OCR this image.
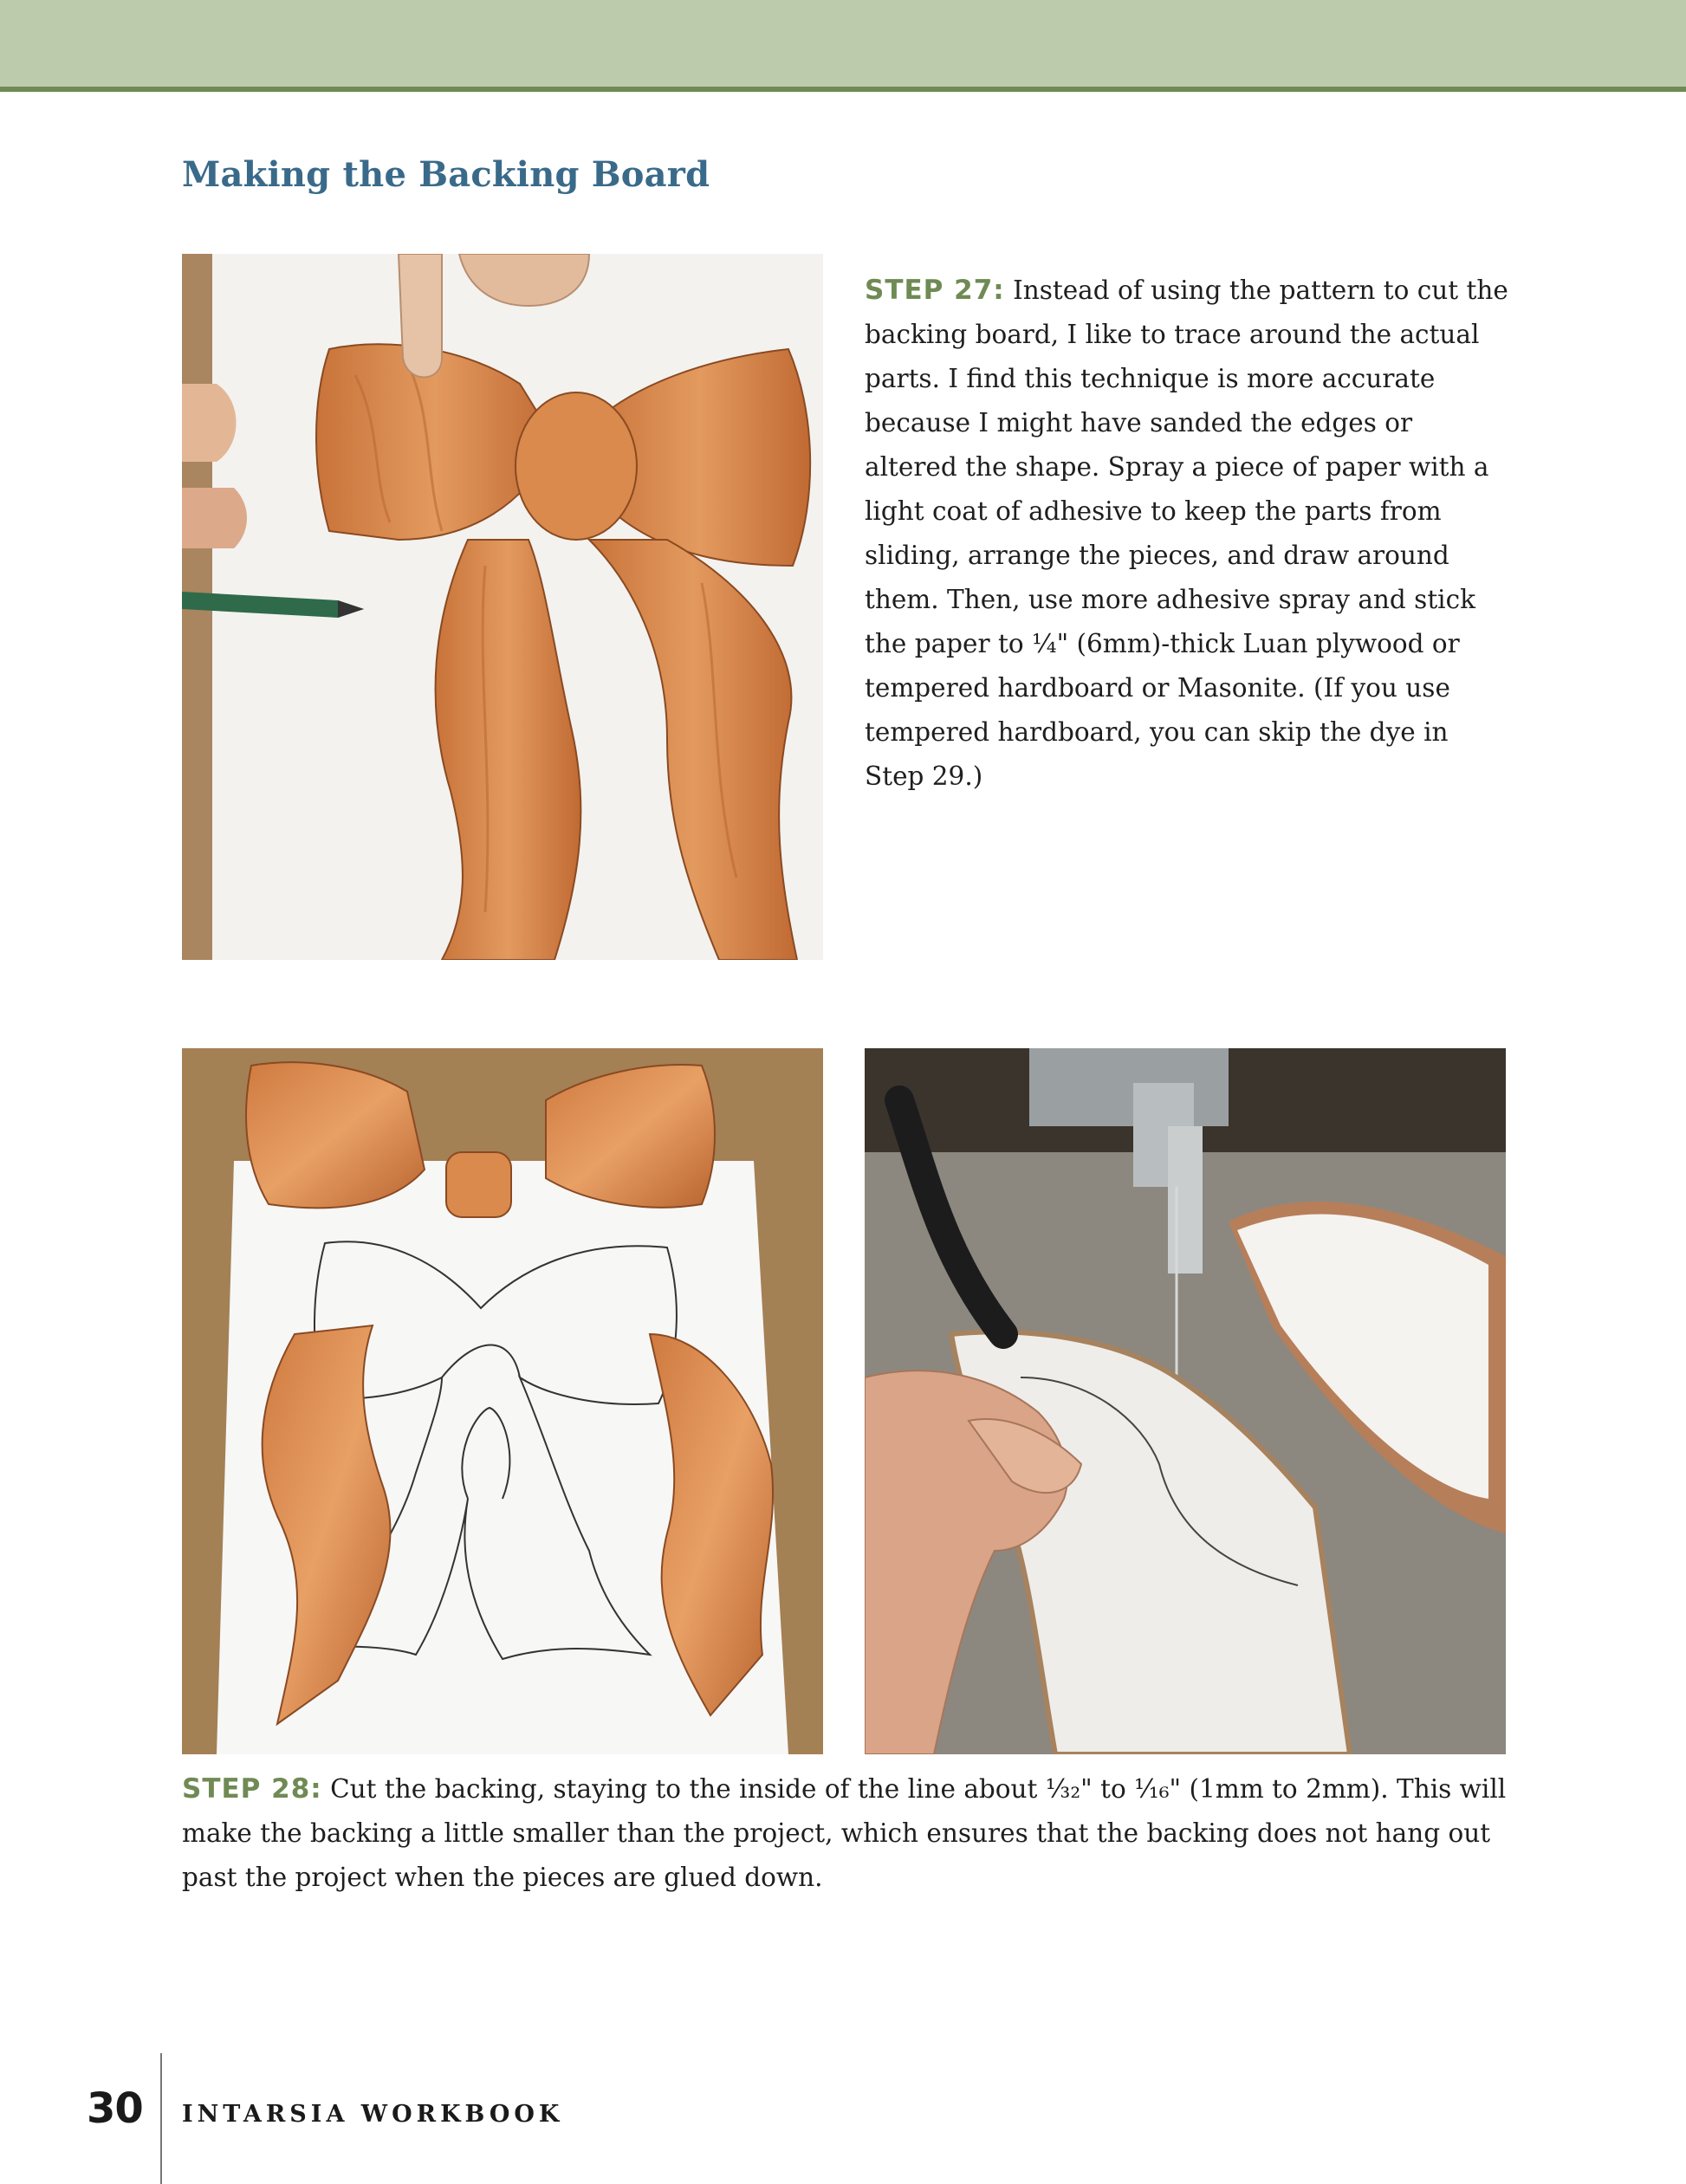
Making the Backing Board
STEP 27: Instead of using the pattern to cut the backing board, I like to trace around the actual parts. I find this technique is more accurate because I might have sanded the edges or altered the shape. Spray a piece of paper with a light coat of adhesive to keep the parts from sliding, arrange the pieces, and draw around them. Then, use more adhesive spray and stick the paper to ¼" (6mm)-thick Luan plywood or tempered hardboard or Masonite. (If you use tempered hardboard, you can skip the dye in Step 29.)
STEP 28: Cut the backing, staying to the inside of the line about ⅟₃₂" to ⅟₁₆" (1mm to 2mm). This will make the backing a little smaller than the project, which ensures that the backing does not hang out past the project when the pieces are glued down.
30 INTARSIA WORKBOOK
